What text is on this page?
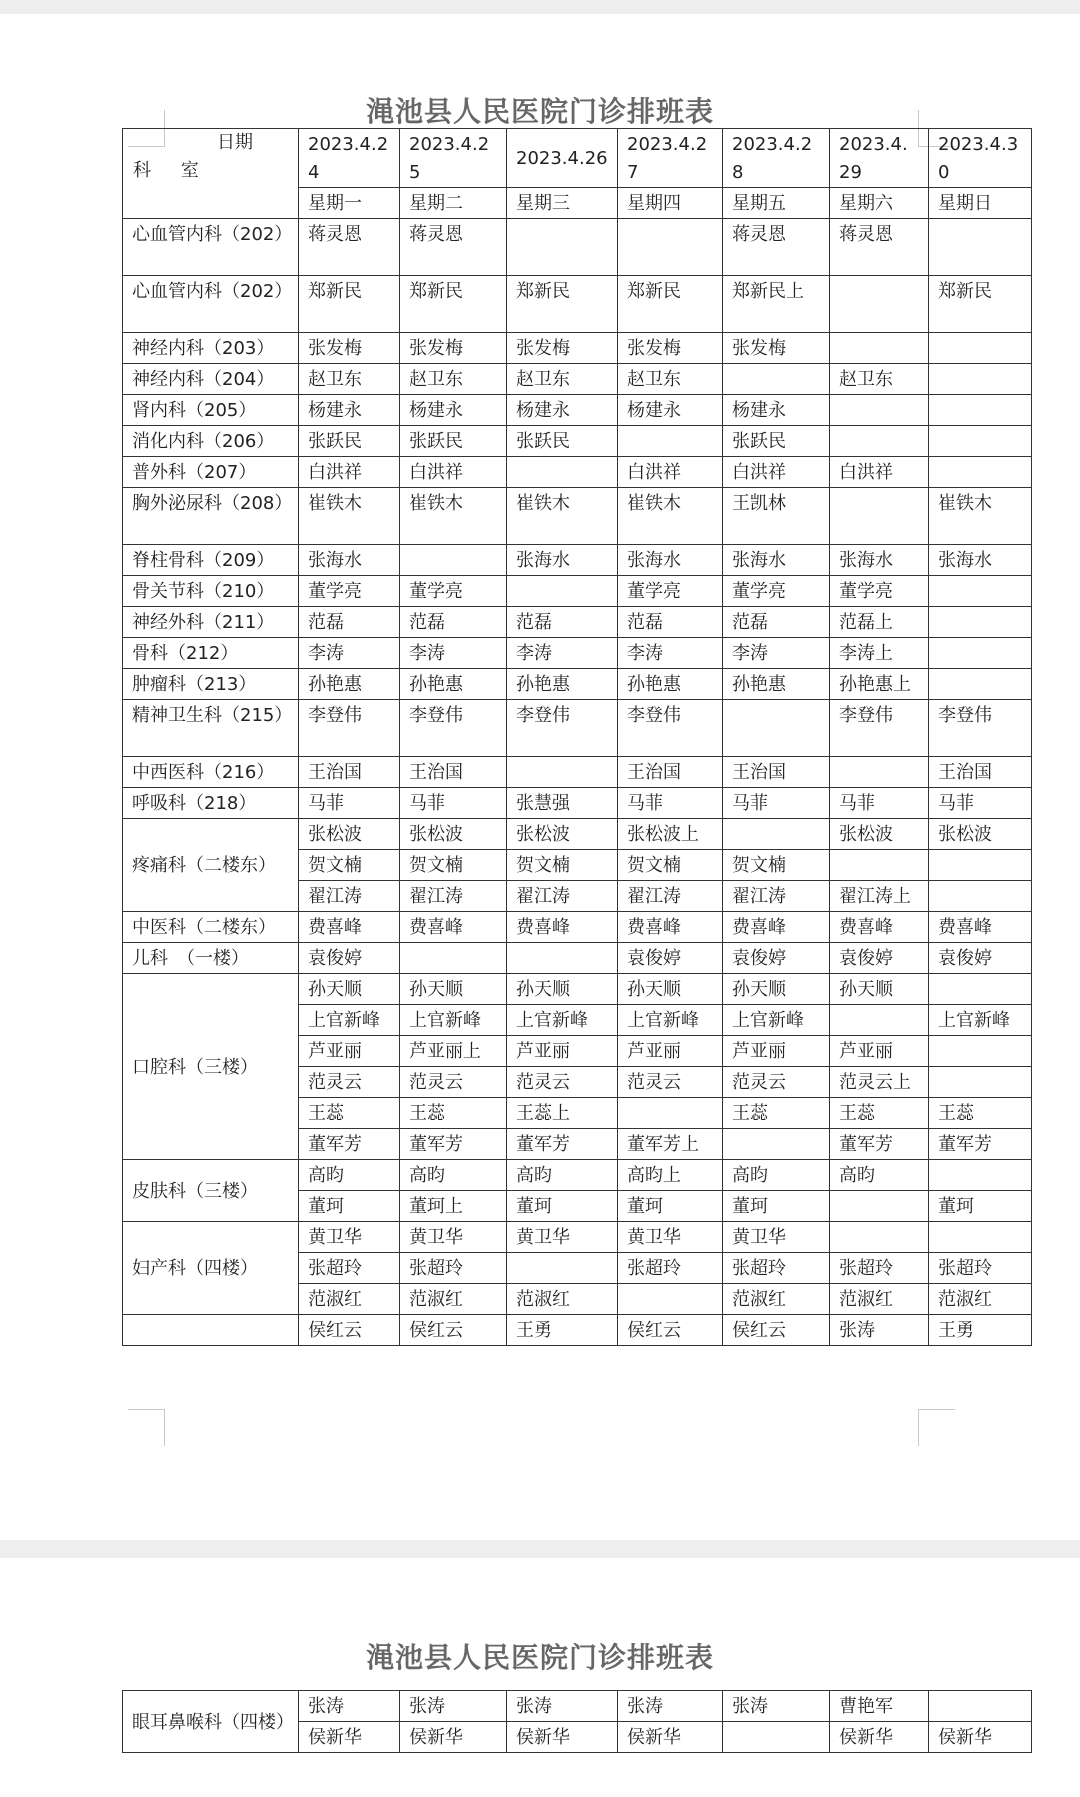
渑池县人民医院门诊排班表
日期
科 室	2023.4.24	2023.4.25	2023.4.26	2023.4.27	2023.4.28	2023.4.29	2023.4.30
	星期一	星期二	星期三	星期四	星期五	星期六	星期日
心血管内科（202）	蒋灵恩	蒋灵恩			蒋灵恩	蒋灵恩	
心血管内科（202）	郑新民	郑新民	郑新民	郑新民	郑新民上		郑新民
神经内科（203）	张发梅	张发梅	张发梅	张发梅	张发梅		
神经内科（204）	赵卫东	赵卫东	赵卫东	赵卫东		赵卫东	
肾内科（205）	杨建永	杨建永	杨建永	杨建永	杨建永		
消化内科（206）	张跃民	张跃民	张跃民		张跃民		
普外科（207）	白洪祥	白洪祥		白洪祥	白洪祥	白洪祥	
胸外泌尿科（208）	崔铁木	崔铁木	崔铁木	崔铁木	王凯林		崔铁木
脊柱骨科（209）	张海水		张海水	张海水	张海水	张海水	张海水
骨关节科（210）	董学亮	董学亮		董学亮	董学亮	董学亮	
神经外科（211）	范磊	范磊	范磊	范磊	范磊	范磊上	
骨科（212）	李涛	李涛	李涛	李涛	李涛	李涛上	
肿瘤科（213）	孙艳惠	孙艳惠	孙艳惠	孙艳惠	孙艳惠	孙艳惠上	
精神卫生科（215）	李登伟	李登伟	李登伟	李登伟		李登伟	李登伟
中西医科（216）	王治国	王治国		王治国	王治国		王治国
呼吸科（218）	马菲	马菲	张慧强	马菲	马菲	马菲	马菲
疼痛科（二楼东）	张松波	张松波	张松波	张松波上		张松波	张松波
	贺文楠	贺文楠	贺文楠	贺文楠	贺文楠		
	翟江涛	翟江涛	翟江涛	翟江涛	翟江涛	翟江涛上	
中医科（二楼东）	费喜峰	费喜峰	费喜峰	费喜峰	费喜峰	费喜峰	费喜峰
儿科　（一楼）	袁俊婷			袁俊婷	袁俊婷	袁俊婷	袁俊婷
口腔科（三楼）	孙天顺	孙天顺	孙天顺	孙天顺	孙天顺	孙天顺	
	上官新峰	上官新峰	上官新峰	上官新峰	上官新峰		上官新峰
	芦亚丽	芦亚丽上	芦亚丽	芦亚丽	芦亚丽	芦亚丽	
	范灵云	范灵云	范灵云	范灵云	范灵云	范灵云上	
	王蕊	王蕊	王蕊上		王蕊	王蕊	王蕊
	董军芳	董军芳	董军芳	董军芳上		董军芳	董军芳
皮肤科（三楼）	高昀	高昀	高昀	高昀上	高昀	高昀	
	董珂	董珂上	董珂	董珂	董珂		董珂
妇产科（四楼）	黄卫华	黄卫华	黄卫华	黄卫华	黄卫华		
	张超玲	张超玲		张超玲	张超玲	张超玲	张超玲
	范淑红	范淑红	范淑红		范淑红	范淑红	范淑红
	侯红云	侯红云	王勇	侯红云	侯红云	张涛	王勇
渑池县人民医院门诊排班表
眼耳鼻喉科（四楼）	张涛	张涛	张涛	张涛	张涛	曹艳军	
	侯新华	侯新华	侯新华	侯新华		侯新华	侯新华
